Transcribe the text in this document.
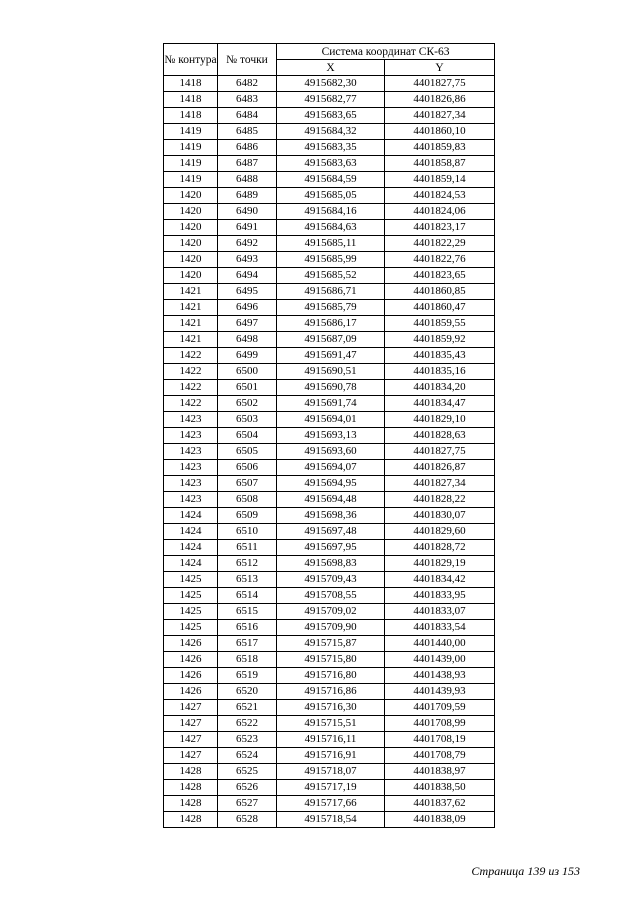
№ контура	№ точки	Система координат СК-63	
		X	Y
1418	6482	4915682,30	4401827,75
1418	6483	4915682,77	4401826,86
1418	6484	4915683,65	4401827,34
1419	6485	4915684,32	4401860,10
1419	6486	4915683,35	4401859,83
1419	6487	4915683,63	4401858,87
1419	6488	4915684,59	4401859,14
1420	6489	4915685,05	4401824,53
1420	6490	4915684,16	4401824,06
1420	6491	4915684,63	4401823,17
1420	6492	4915685,11	4401822,29
1420	6493	4915685,99	4401822,76
1420	6494	4915685,52	4401823,65
1421	6495	4915686,71	4401860,85
1421	6496	4915685,79	4401860,47
1421	6497	4915686,17	4401859,55
1421	6498	4915687,09	4401859,92
1422	6499	4915691,47	4401835,43
1422	6500	4915690,51	4401835,16
1422	6501	4915690,78	4401834,20
1422	6502	4915691,74	4401834,47
1423	6503	4915694,01	4401829,10
1423	6504	4915693,13	4401828,63
1423	6505	4915693,60	4401827,75
1423	6506	4915694,07	4401826,87
1423	6507	4915694,95	4401827,34
1423	6508	4915694,48	4401828,22
1424	6509	4915698,36	4401830,07
1424	6510	4915697,48	4401829,60
1424	6511	4915697,95	4401828,72
1424	6512	4915698,83	4401829,19
1425	6513	4915709,43	4401834,42
1425	6514	4915708,55	4401833,95
1425	6515	4915709,02	4401833,07
1425	6516	4915709,90	4401833,54
1426	6517	4915715,87	4401440,00
1426	6518	4915715,80	4401439,00
1426	6519	4915716,80	4401438,93
1426	6520	4915716,86	4401439,93
1427	6521	4915716,30	4401709,59
1427	6522	4915715,51	4401708,99
1427	6523	4915716,11	4401708,19
1427	6524	4915716,91	4401708,79
1428	6525	4915718,07	4401838,97
1428	6526	4915717,19	4401838,50
1428	6527	4915717,66	4401837,62
1428	6528	4915718,54	4401838,09
Страница 139 из 153
